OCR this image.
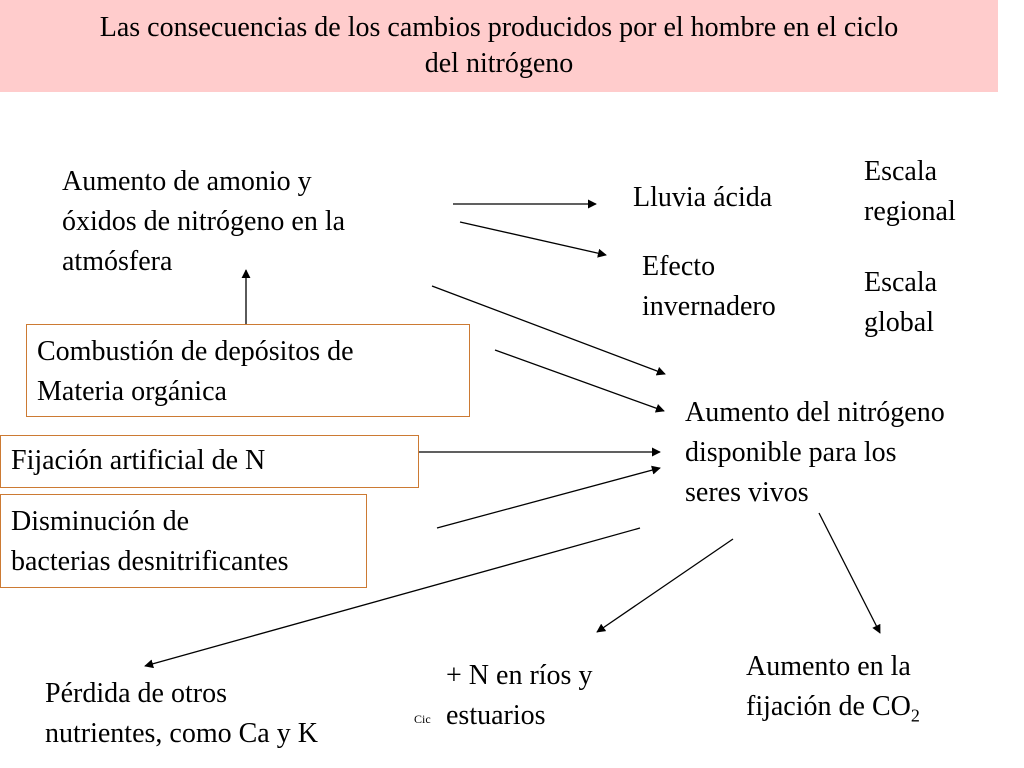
Las consecuencias de los cambios producidos por el hombre en el ciclo
del nitrógeno
Aumento de amonio y
óxidos de nitrógeno en la
atmósfera
Lluvia ácida
Efecto
invernadero
Escala
regional
Escala
global
Combustión de depósitos de
Materia orgánica
Fijación artificial de N
Disminución de
bacterias desnitrificantes
Aumento del nitrógeno
disponible para los
seres vivos
Pérdida de otros
nutrientes, como Ca y K	Cic
+ N en ríos y
estuarios
Aumento en la
fijación de $CO_2$
